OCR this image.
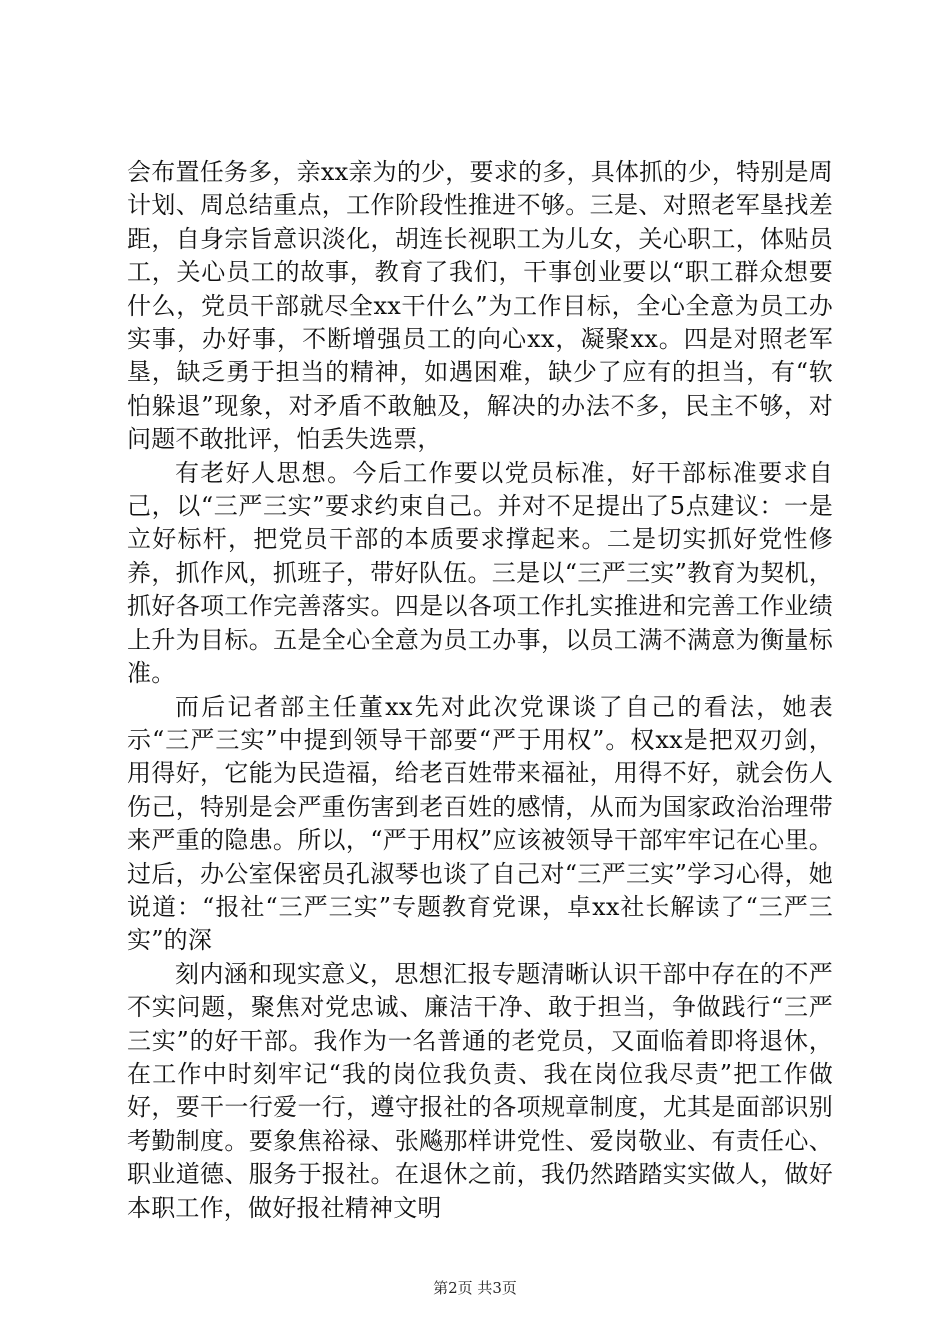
会布置任务多，亲xx亲为的少，要求的多，具体抓的少，特别是周计划、周总结重点，工作阶段性推进不够。三是、对照老军垦找差距，自身宗旨意识淡化，胡连长视职工为儿女，关心职工，体贴员工，关心员工的故事，教育了我们，干事创业要以“职工群众想要什么，党员干部就尽全xx干什么”为工作目标，全心全意为员工办实事，办好事，不断增强员工的向心xx，凝聚xx。四是对照老军垦，缺乏勇于担当的精神，如遇困难，缺少了应有的担当，有“软怕躲退”现象，对矛盾不敢触及，解决的办法不多，民主不够，对问题不敢批评，怕丢失选票，

有老好人思想。今后工作要以党员标准，好干部标准要求自己，以“三严三实”要求约束自己。并对不足提出了5点建议：一是立好标杆，把党员干部的本质要求撑起来。二是切实抓好党性修养，抓作风，抓班子，带好队伍。三是以“三严三实”教育为契机，抓好各项工作完善落实。四是以各项工作扎实推进和完善工作业绩上升为目标。五是全心全意为员工办事，以员工满不满意为衡量标准。

而后记者部主任董xx先对此次党课谈了自己的看法，她表示“三严三实”中提到领导干部要“严于用权”。权xx是把双刃剑，用得好，它能为民造福，给老百姓带来福祉，用得不好，就会伤人伤己，特别是会严重伤害到老百姓的感情，从而为国家政治治理带来严重的隐患。所以，“严于用权”应该被领导干部牢牢记在心里。过后，办公室保密员孔淑琴也谈了自己对“三严三实”学习心得，她说道：“报社“三严三实”专题教育党课，卓xx社长解读了“三严三实”的深

刻内涵和现实意义，思想汇报专题清晰认识干部中存在的不严不实问题，聚焦对党忠诚、廉洁干净、敢于担当，争做践行“三严三实”的好干部。我作为一名普通的老党员，又面临着即将退休，在工作中时刻牢记“我的岗位我负责、我在岗位我尽责”把工作做好，要干一行爱一行，遵守报社的各项规章制度，尤其是面部识别考勤制度。要象焦裕禄、张飚那样讲党性、爱岗敬业、有责任心、职业道德、服务于报社。在退休之前，我仍然踏踏实实做人，做好本职工作，做好报社精神文明

第2页 共3页
